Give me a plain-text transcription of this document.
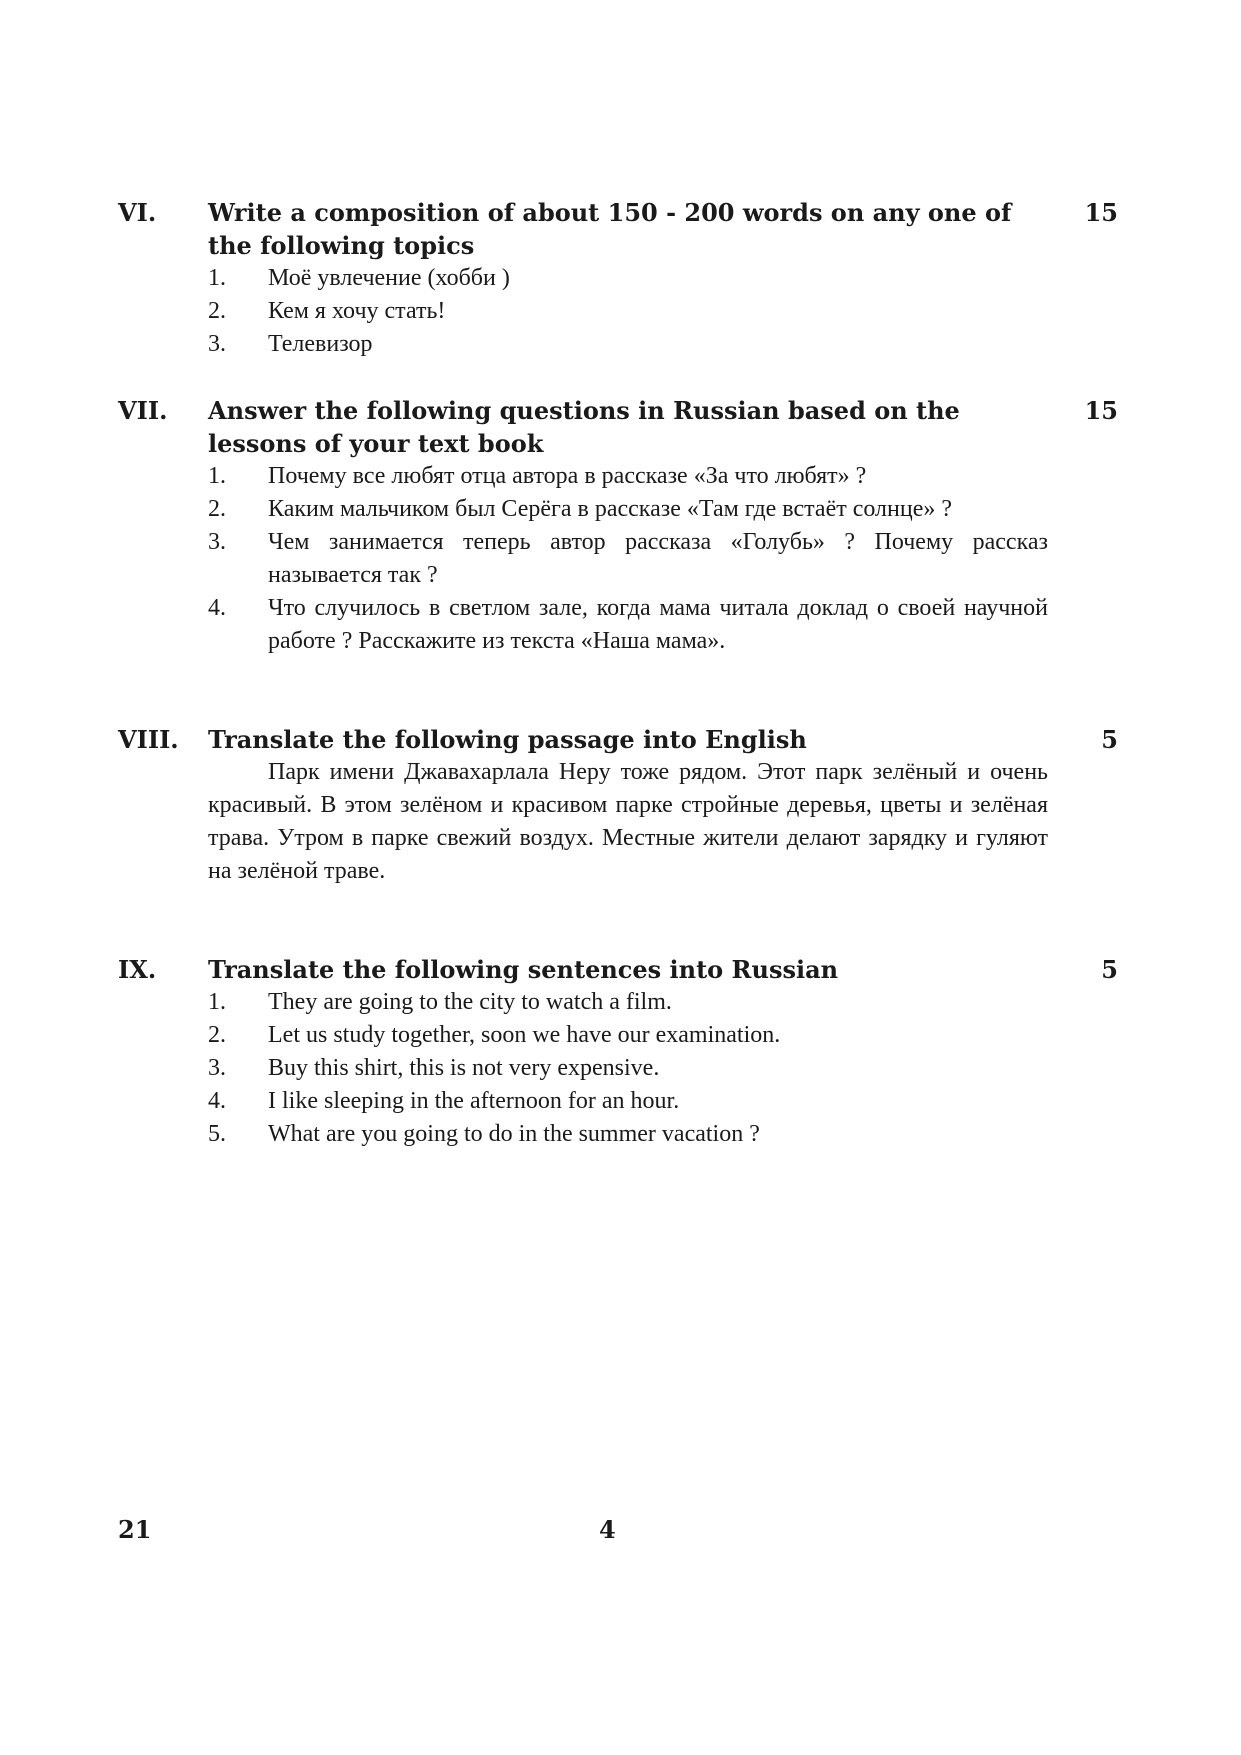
VI.	15

Write a composition of about 150 - 200 words on any one of the following topics

1. Моё увлечение (хобби )
2. Кем я хочу стать!
3. Телевизор
VII.	15

Answer the following questions in Russian based on the lessons of your text book

1. Почему все любят отца автора в рассказе «За что любят» ?
2. Каким мальчиком был Серёга в рассказе «Там где встаёт солнце» ?
3. Чем занимается теперь автор рассказа «Голубь» ? Почему рассказ называется так ?
4. Что случилось в светлом зале, когда мама читала доклад о своей научной работе ? Расскажите из текста «Наша мама».
VIII.	5

Translate the following passage into English

Парк имени Джавахарлала Неру тоже рядом. Этот парк зелёный и очень красивый. В этом зелёном и красивом парке стройные деревья, цветы и зелёная трава. Утром в парке свежий воздух. Местные жители делают зарядку и гуляют на зелёной траве.

IX.	5

Translate the following sentences into Russian

1. They are going to the city to watch a film.
2. Let us study together, soon we have our examination.
3. Buy this shirt, this is not very expensive.
4. I like sleeping in the afternoon for an hour.
5. What are you going to do in the summer vacation ?
21	4
